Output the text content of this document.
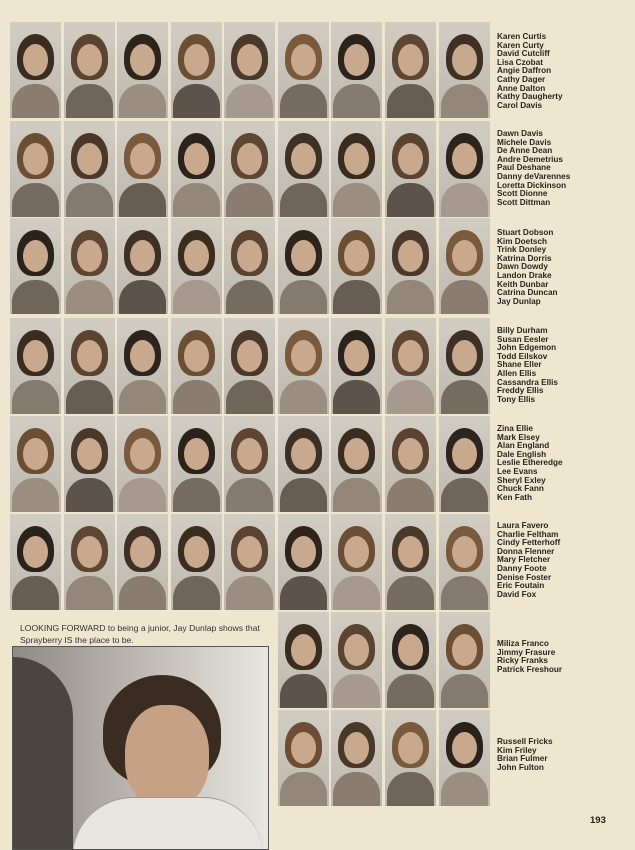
Karen Curtis
Karen Curty
David Cutcliff
Lisa Czobat
Angie Daffron
Cathy Dager
Anne Dalton
Kathy Daugherty
Carol Davis
Dawn Davis
Michele Davis
De Anne Dean
Andre Demetrius
Paul Deshane
Danny deVarennes
Loretta Dickinson
Scott Dionne
Scott Dittman
Stuart Dobson
Kim Doetsch
Trink Donley
Katrina Dorris
Dawn Dowdy
Landon Drake
Keith Dunbar
Catrina Duncan
Jay Dunlap
Billy Durham
Susan Eesler
John Edgemon
Todd Eilskov
Shane Eller
Allen Ellis
Cassandra Ellis
Freddy Ellis
Tony Ellis
Zina Ellie
Mark Elsey
Alan England
Dale English
Leslie Etheredge
Lee Evans
Sheryl Exley
Chuck Fann
Ken Fath
Laura Favero
Charlie Feltham
Cindy Fetterhoff
Donna Flenner
Mary Fletcher
Danny Foote
Denise Foster
Eric Foutain
David Fox
Miliza Franco
Jimmy Frasure
Ricky Franks
Patrick Freshour
Russell Fricks
Kim Friley
Brian Fulmer
John Fulton
LOOKING FORWARD to being a junior, Jay Dunlap shows that Sprayberry IS the place to be.
193
